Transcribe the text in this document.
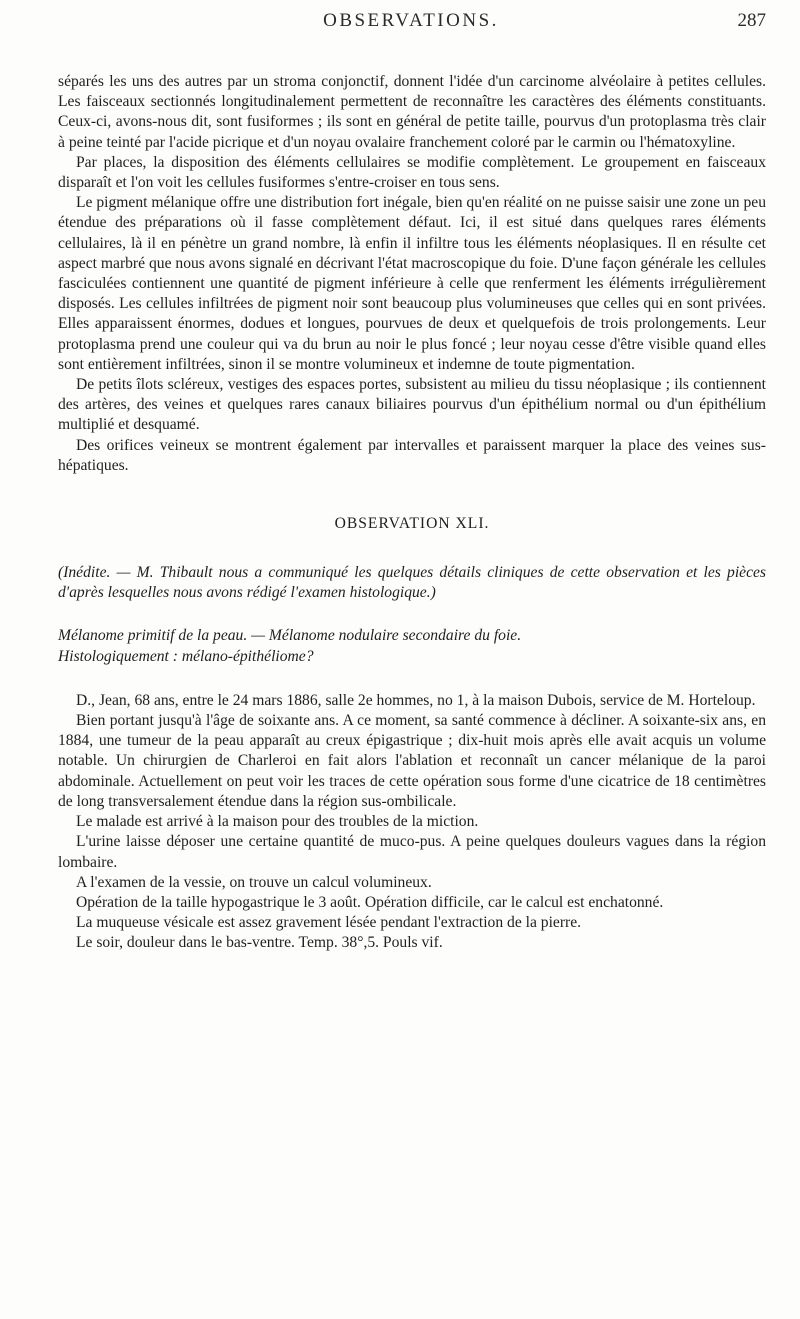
OBSERVATIONS.	287

séparés les uns des autres par un stroma conjonctif, donnent l'idée d'un carcinome alvéolaire à petites cellules. Les faisceaux sectionnés longitudinalement permettent de reconnaître les caractères des éléments constituants. Ceux-ci, avons-nous dit, sont fusiformes ; ils sont en général de petite taille, pourvus d'un protoplasma très clair à peine teinté par l'acide picrique et d'un noyau ovalaire franchement coloré par le carmin ou l'hématoxyline.

Par places, la disposition des éléments cellulaires se modifie complètement. Le groupement en faisceaux disparaît et l'on voit les cellules fusiformes s'entre-croiser en tous sens.

Le pigment mélanique offre une distribution fort inégale, bien qu'en réalité on ne puisse saisir une zone un peu étendue des préparations où il fasse complètement défaut. Ici, il est situé dans quelques rares éléments cellulaires, là il en pénètre un grand nombre, là enfin il infiltre tous les éléments néoplasiques. Il en résulte cet aspect marbré que nous avons signalé en décrivant l'état macroscopique du foie. D'une façon générale les cellules fasciculées contiennent une quantité de pigment inférieure à celle que renferment les éléments irrégulièrement disposés. Les cellules infiltrées de pigment noir sont beaucoup plus volumineuses que celles qui en sont privées. Elles apparaissent énormes, dodues et longues, pourvues de deux et quelquefois de trois prolongements. Leur protoplasma prend une couleur qui va du brun au noir le plus foncé ; leur noyau cesse d'être visible quand elles sont entièrement infiltrées, sinon il se montre volumineux et indemne de toute pigmentation.

De petits îlots scléreux, vestiges des espaces portes, subsistent au milieu du tissu néoplasique ; ils contiennent des artères, des veines et quelques rares canaux biliaires pourvus d'un épithélium normal ou d'un épithélium multiplié et desquamé.

Des orifices veineux se montrent également par intervalles et paraissent marquer la place des veines sus-hépatiques.

OBSERVATION XLI.

(Inédite. — M. Thibault nous a communiqué les quelques détails cliniques de cette observation et les pièces d'après lesquelles nous avons rédigé l'examen histologique.)

Mélanome primitif de la peau. — Mélanome nodulaire secondaire du foie.

Histologiquement : mélano-épithéliome?

D., Jean, 68 ans, entre le 24 mars 1886, salle 2e hommes, no 1, à la maison Dubois, service de M. Horteloup.

Bien portant jusqu'à l'âge de soixante ans. A ce moment, sa santé commence à décliner. A soixante-six ans, en 1884, une tumeur de la peau apparaît au creux épigastrique ; dix-huit mois après elle avait acquis un volume notable. Un chirurgien de Charleroi en fait alors l'ablation et reconnaît un cancer mélanique de la paroi abdominale. Actuellement on peut voir les traces de cette opération sous forme d'une cicatrice de 18 centimètres de long transversalement étendue dans la région sus-ombilicale.

Le malade est arrivé à la maison pour des troubles de la miction.

L'urine laisse déposer une certaine quantité de muco-pus. A peine quelques douleurs vagues dans la région lombaire.

A l'examen de la vessie, on trouve un calcul volumineux.

Opération de la taille hypogastrique le 3 août. Opération difficile, car le calcul est enchatonné.

La muqueuse vésicale est assez gravement lésée pendant l'extraction de la pierre.

Le soir, douleur dans le bas-ventre. Temp. 38°,5. Pouls vif.
